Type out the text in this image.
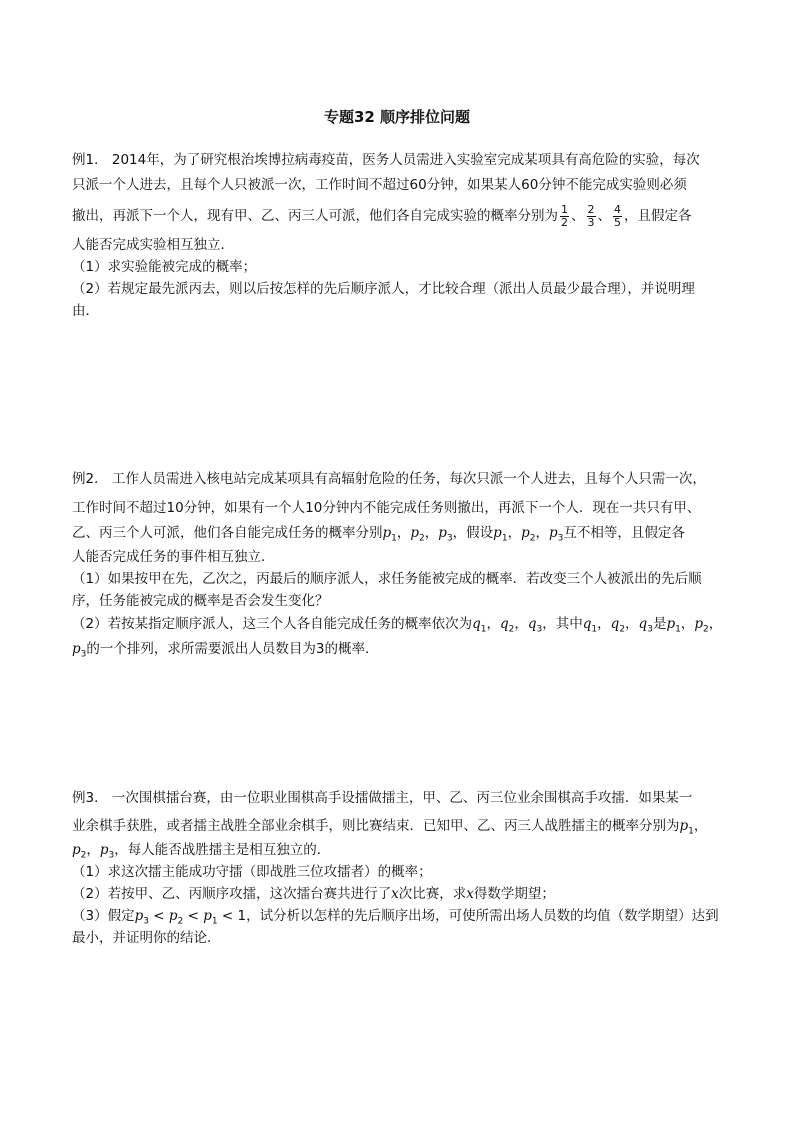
专题32 顺序排位问题
例1． 2014年，为了研究根治埃博拉病毒疫苗，医务人员需进入实验室完成某项具有高危险的实验，每次
只派一个人进去，且每个人只被派一次，工作时间不超过60分钟，如果某人60分钟不能完成实验则必须
撤出，再派下一个人，现有甲、乙、丙三人可派，他们各自完成实验的概率分别为 $\frac{1}{2}$ 、 $\frac{2}{3}$ 、 $\frac{4}{5}$ ，且假定各
人能否完成实验相互独立．
（1）求实验能被完成的概率；
（2）若规定最先派丙去，则以后按怎样的先后顺序派人，才比较合理（派出人员最少最合理），并说明理
由．
例2． 工作人员需进入核电站完成某项具有高辐射危险的任务，每次只派一个人进去，且每个人只需一次，
工作时间不超过10分钟，如果有一个人10分钟内不能完成任务则撤出，再派下一个人．现在一共只有甲、
乙、丙三个人可派，他们各自能完成任务的概率分别$p_1$，$p_2$，$p_3$，假设$p_1$，$p_2$，$p_3$互不相等，且假定各
人能否完成任务的事件相互独立．
（1）如果按甲在先，乙次之，丙最后的顺序派人，求任务能被完成的概率．若改变三个人被派出的先后顺
序，任务能被完成的概率是否会发生变化？
（2）若按某指定顺序派人，这三个人各自能完成任务的概率依次为$q_1$，$q_2$，$q_3$，其中$q_1$，$q_2$，$q_3$是$p_1$，$p_2$，
$p_3$的一个排列，求所需要派出人员数目为3的概率．
例3． 一次围棋擂台赛，由一位职业围棋高手设擂做擂主，甲、乙、丙三位业余围棋高手攻擂．如果某一
业余棋手获胜，或者擂主战胜全部业余棋手，则比赛结束．已知甲、乙、丙三人战胜擂主的概率分别为$p_1$，
$p_2$，$p_3$，每人能否战胜擂主是相互独立的．
（1）求这次擂主能成功守擂（即战胜三位攻擂者）的概率；
（2）若按甲、乙、丙顺序攻擂，这次擂台赛共进行了x次比赛，求x得数学期望；
（3）假定$p_3 < p_2 < p_1 < 1$，试分析以怎样的先后顺序出场，可使所需出场人员数的均值（数学期望）达到
最小，并证明你的结论．
